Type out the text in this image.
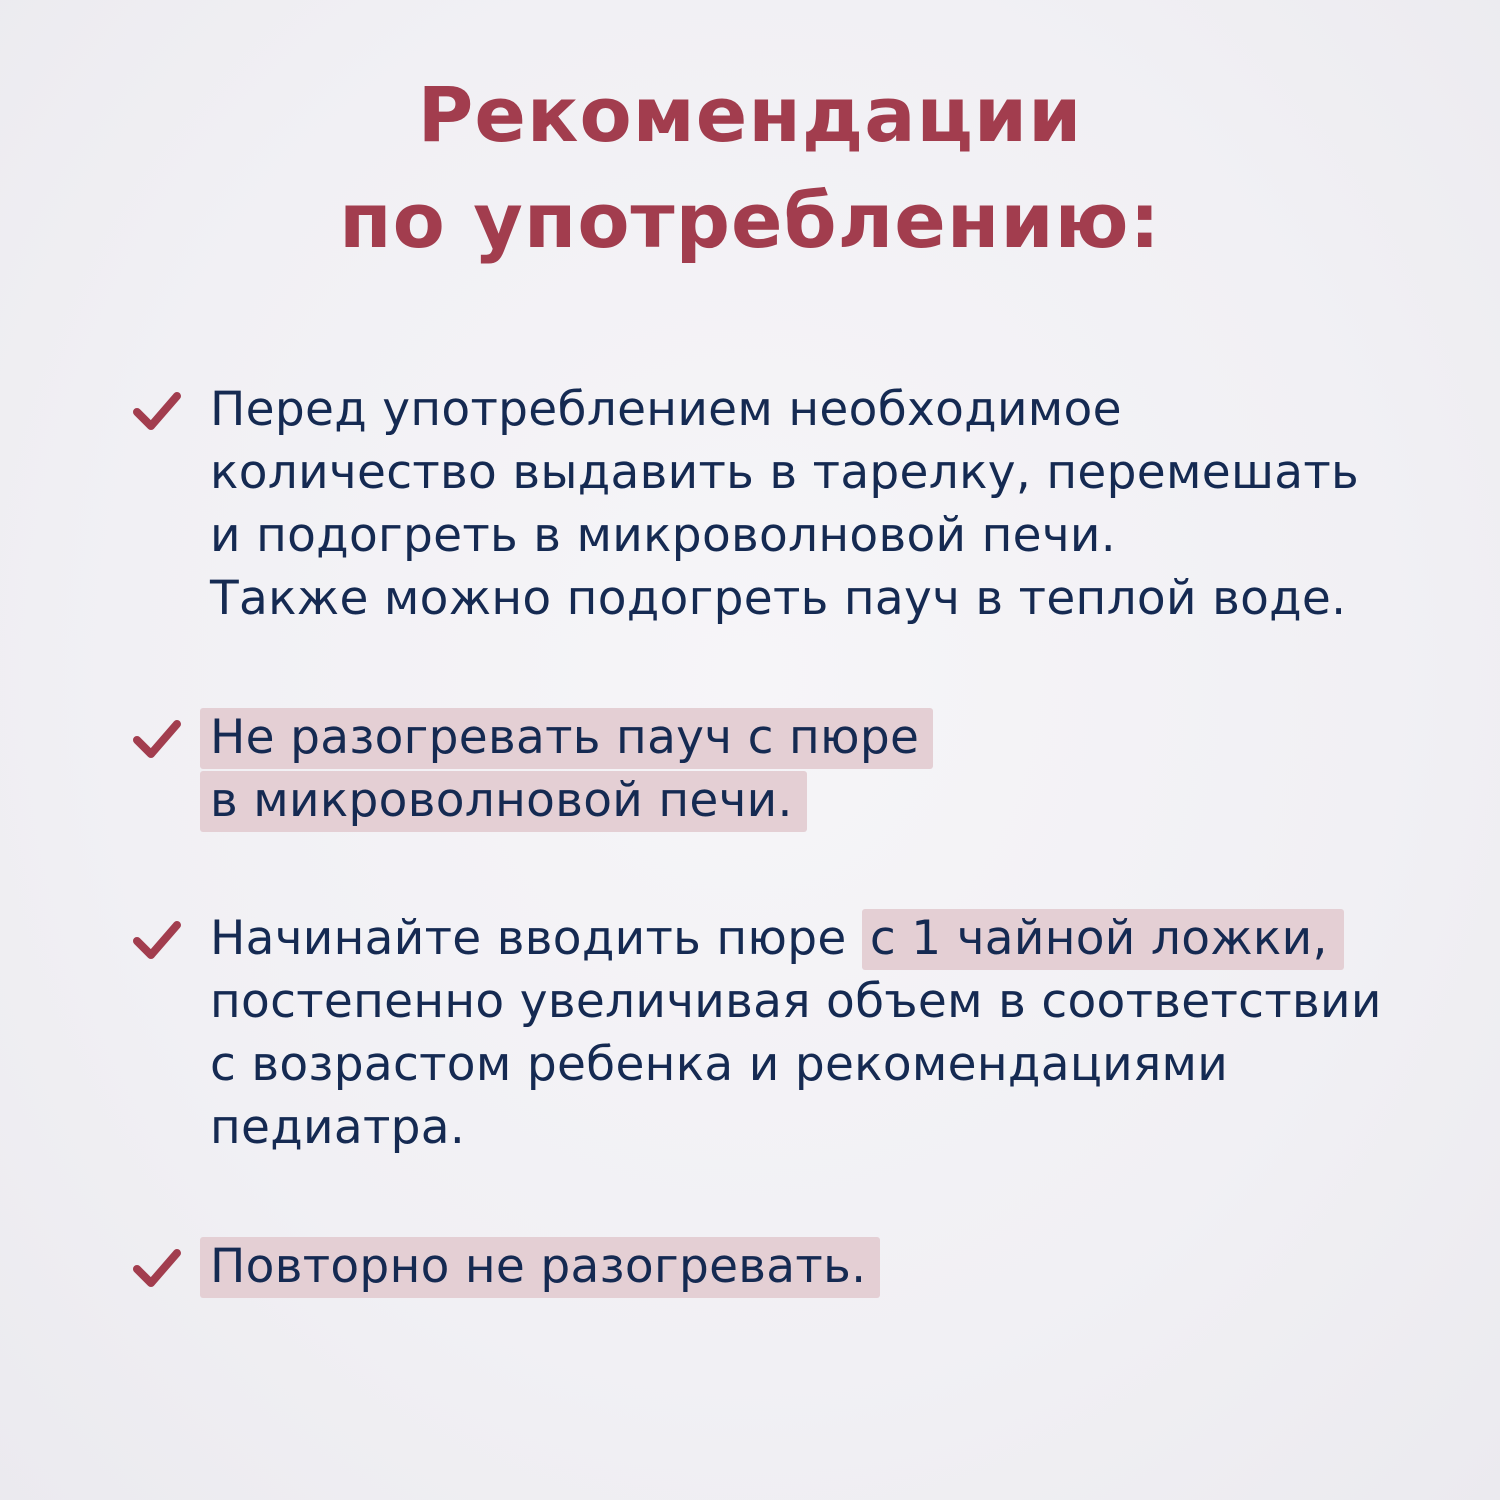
Рекомендации
по употреблению:
Перед употреблением необходимое
количество выдавить в тарелку, перемешать
и подогреть в микроволновой печи.
Также можно подогреть пауч в теплой воде.
Не разогревать пауч с пюре
в микроволновой печи.
Начинайте вводить пюре с 1 чайной ложки,
постепенно увеличивая объем в соответствии
с возрастом ребенка и рекомендациями
педиатра.
Повторно не разогревать.
